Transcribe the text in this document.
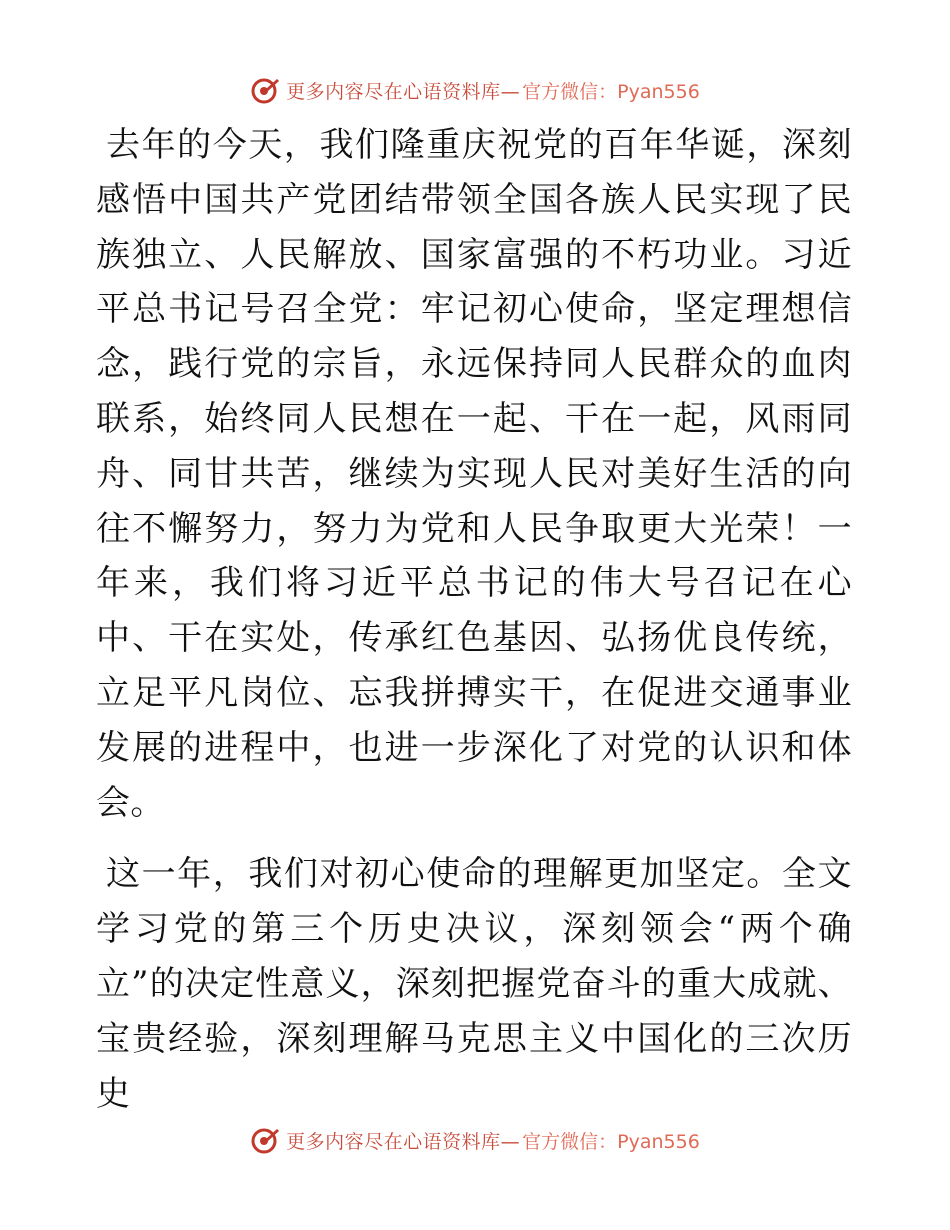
更多内容尽在心语资料库— 官方微信：Pyan556

去年的今天，我们隆重庆祝党的百年华诞，深刻感悟中国共产党团结带领全国各族人民实现了民族独立、人民解放、国家富强的不朽功业。习近平总书记号召全党：牢记初心使命，坚定理想信念，践行党的宗旨，永远保持同人民群众的血肉联系，始终同人民想在一起、干在一起，风雨同舟、同甘共苦，继续为实现人民对美好生活的向往不懈努力，努力为党和人民争取更大光荣！一年来，我们将习近平总书记的伟大号召记在心中、干在实处，传承红色基因、弘扬优良传统，立足平凡岗位、忘我拼搏实干，在促进交通事业发展的进程中，也进一步深化了对党的认识和体会。

这一年，我们对初心使命的理解更加坚定。全文学习党的第三个历史决议，深刻领会“两个确立”的决定性意义，深刻把握党奋斗的重大成就、宝贵经验，深刻理解马克思主义中国化的三次历史

更多内容尽在心语资料库— 官方微信：Pyan556
